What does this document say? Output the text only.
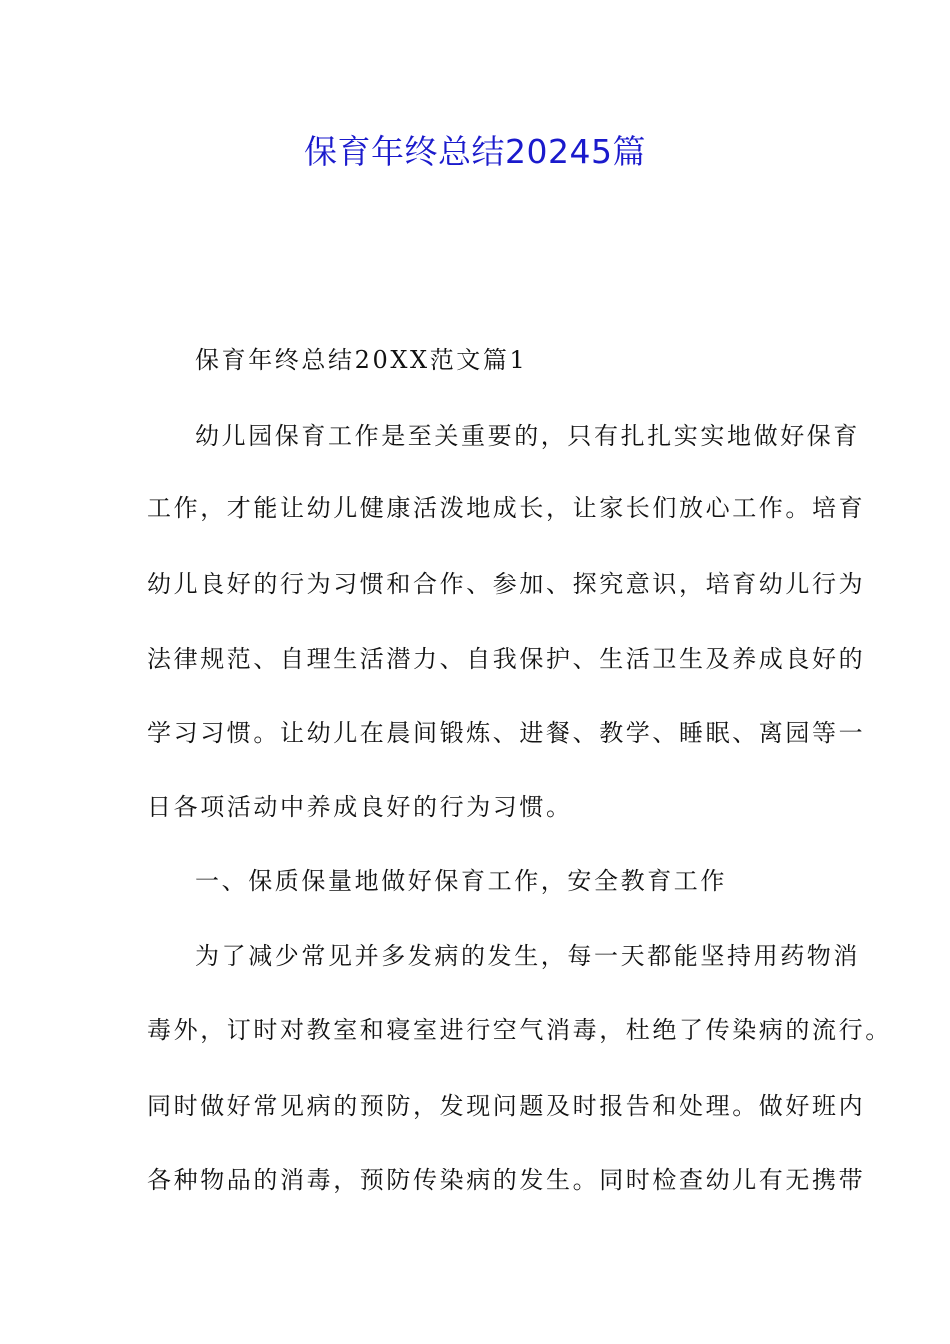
保育年终总结20245篇
保育年终总结20XX范文篇1
幼儿园保育工作是至关重要的，只有扎扎实实地做好保育
工作，才能让幼儿健康活泼地成长，让家长们放心工作。培育
幼儿良好的行为习惯和合作、参加、探究意识，培育幼儿行为
法律规范、自理生活潜力、自我保护、生活卫生及养成良好的
学习习惯。让幼儿在晨间锻炼、进餐、教学、睡眠、离园等一
日各项活动中养成良好的行为习惯。
一、保质保量地做好保育工作，安全教育工作
为了减少常见并多发病的发生，每一天都能坚持用药物消
毒外，订时对教室和寝室进行空气消毒，杜绝了传染病的流行。
同时做好常见病的预防，发现问题及时报告和处理。做好班内
各种物品的消毒，预防传染病的发生。同时检查幼儿有无携带
